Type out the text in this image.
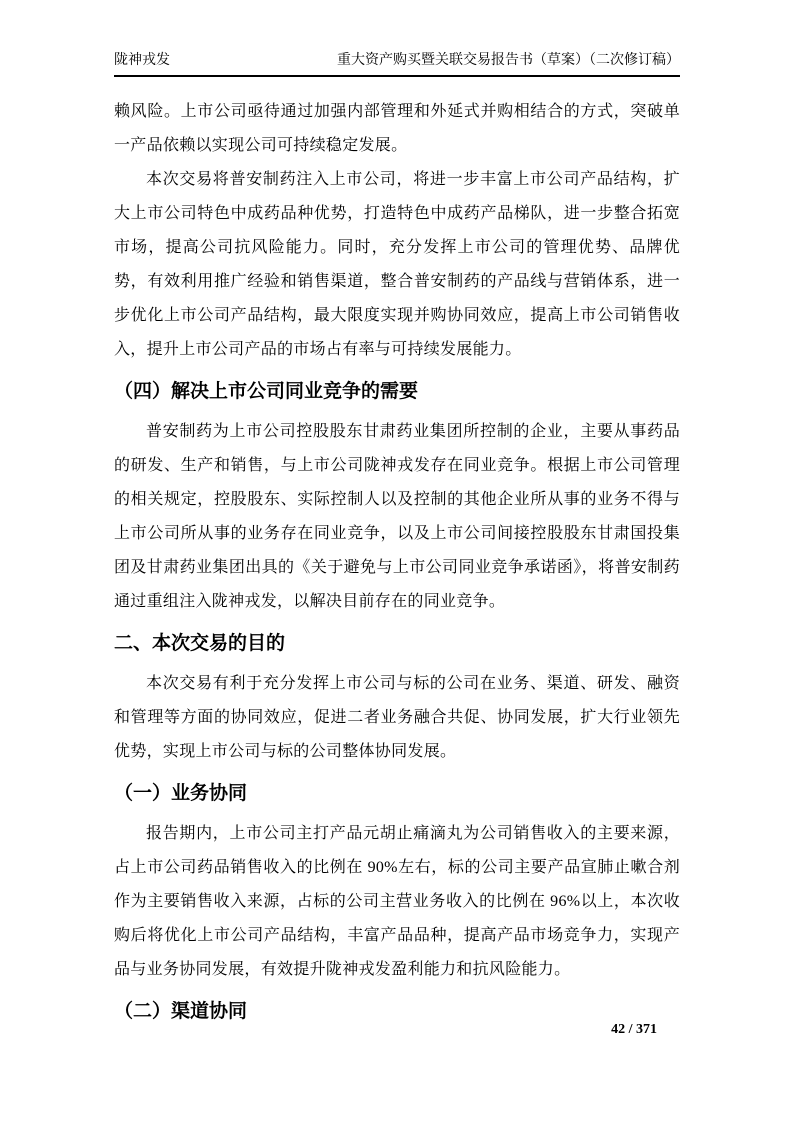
陇神戎发	重大资产购买暨关联交易报告书（草案）（二次修订稿）

赖风险。上市公司亟待通过加强内部管理和外延式并购相结合的方式，突破单一产品依赖以实现公司可持续稳定发展。

本次交易将普安制药注入上市公司，将进一步丰富上市公司产品结构，扩大上市公司特色中成药品种优势，打造特色中成药产品梯队，进一步整合拓宽市场，提高公司抗风险能力。同时，充分发挥上市公司的管理优势、品牌优势，有效利用推广经验和销售渠道，整合普安制药的产品线与营销体系，进一步优化上市公司产品结构，最大限度实现并购协同效应，提高上市公司销售收入，提升上市公司产品的市场占有率与可持续发展能力。

（四）解决上市公司同业竞争的需要

普安制药为上市公司控股股东甘肃药业集团所控制的企业，主要从事药品的研发、生产和销售，与上市公司陇神戎发存在同业竞争。根据上市公司管理的相关规定，控股股东、实际控制人以及控制的其他企业所从事的业务不得与上市公司所从事的业务存在同业竞争，以及上市公司间接控股股东甘肃国投集团及甘肃药业集团出具的《关于避免与上市公司同业竞争承诺函》，将普安制药通过重组注入陇神戎发，以解决目前存在的同业竞争。

二、本次交易的目的

本次交易有利于充分发挥上市公司与标的公司在业务、渠道、研发、融资和管理等方面的协同效应，促进二者业务融合共促、协同发展，扩大行业领先优势，实现上市公司与标的公司整体协同发展。

（一）业务协同

报告期内，上市公司主打产品元胡止痛滴丸为公司销售收入的主要来源，占上市公司药品销售收入的比例在 90%左右，标的公司主要产品宣肺止嗽合剂作为主要销售收入来源，占标的公司主营业务收入的比例在 96%以上，本次收购后将优化上市公司产品结构，丰富产品品种，提高产品市场竞争力，实现产品与业务协同发展，有效提升陇神戎发盈利能力和抗风险能力。

（二）渠道协同
42 / 371
